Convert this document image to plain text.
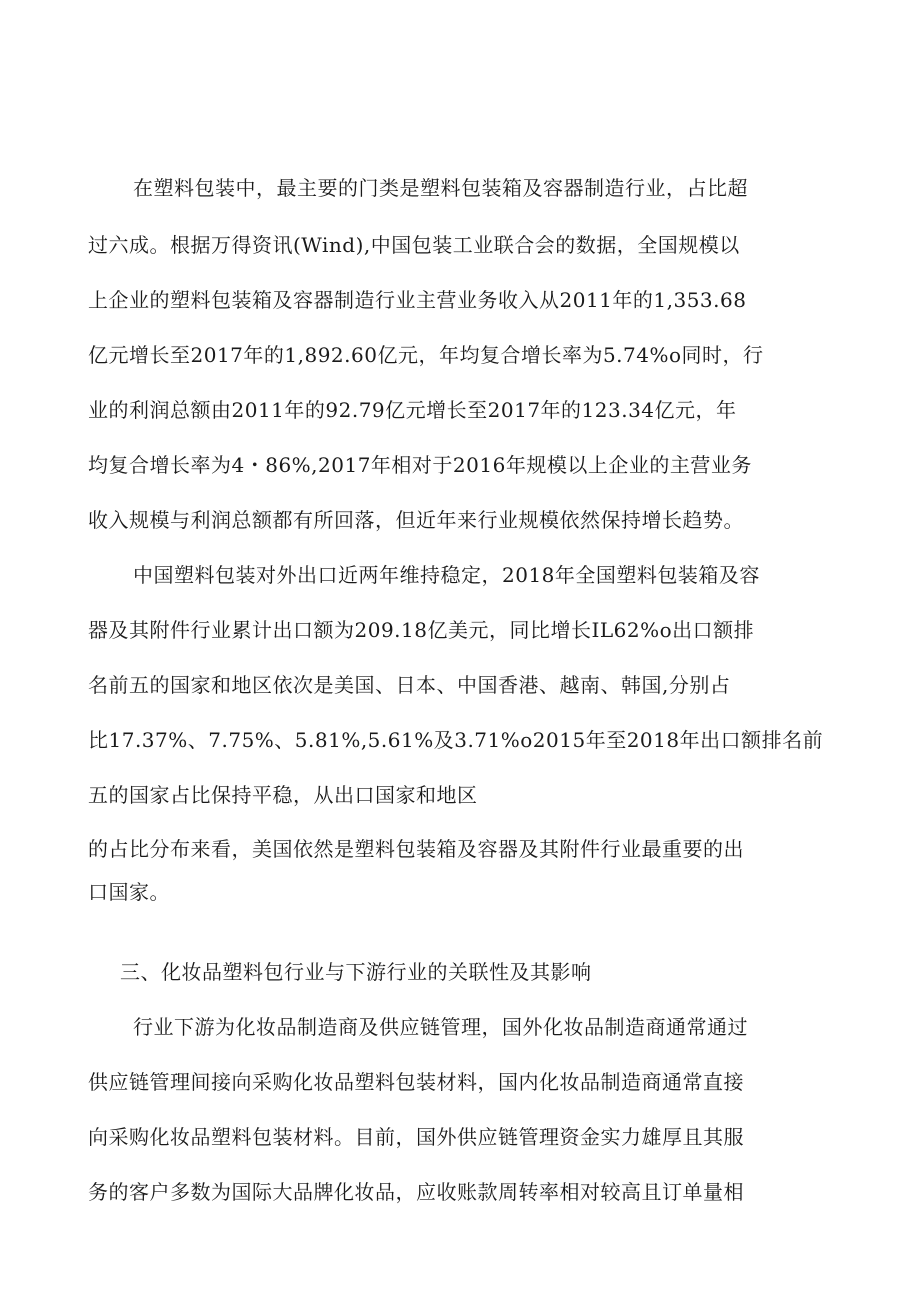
在塑料包装中，最主要的门类是塑料包装箱及容器制造行业，占比超
过六成。根据万得资讯(Wind),中国包装工业联合会的数据，全国规模以
上企业的塑料包装箱及容器制造行业主营业务收入从2011年的1,353.68
亿元增长至2017年的1,892.60亿元，年均复合增长率为5.74%o同时，行
业的利润总额由2011年的92.79亿元增长至2017年的123.34亿元，年
均复合增长率为4・86%,2017年相对于2016年规模以上企业的主营业务
收入规模与利润总额都有所回落，但近年来行业规模依然保持增长趋势。
中国塑料包装对外出口近两年维持稳定，2018年全国塑料包装箱及容
器及其附件行业累计出口额为209.18亿美元，同比增长IL62%o出口额排
名前五的国家和地区依次是美国、日本、中国香港、越南、韩国,分别占
比17.37%、7.75%、5.81%,5.61%及3.71%o2015年至2018年出口额排名前
五的国家占比保持平稳，从出口国家和地区
的占比分布来看，美国依然是塑料包装箱及容器及其附件行业最重要的出
口国家。
三、化妆品塑料包行业与下游行业的关联性及其影响
行业下游为化妆品制造商及供应链管理，国外化妆品制造商通常通过
供应链管理间接向采购化妆品塑料包装材料，国内化妆品制造商通常直接
向采购化妆品塑料包装材料。目前，国外供应链管理资金实力雄厚且其服
务的客户多数为国际大品牌化妆品，应收账款周转率相对较高且订单量相
